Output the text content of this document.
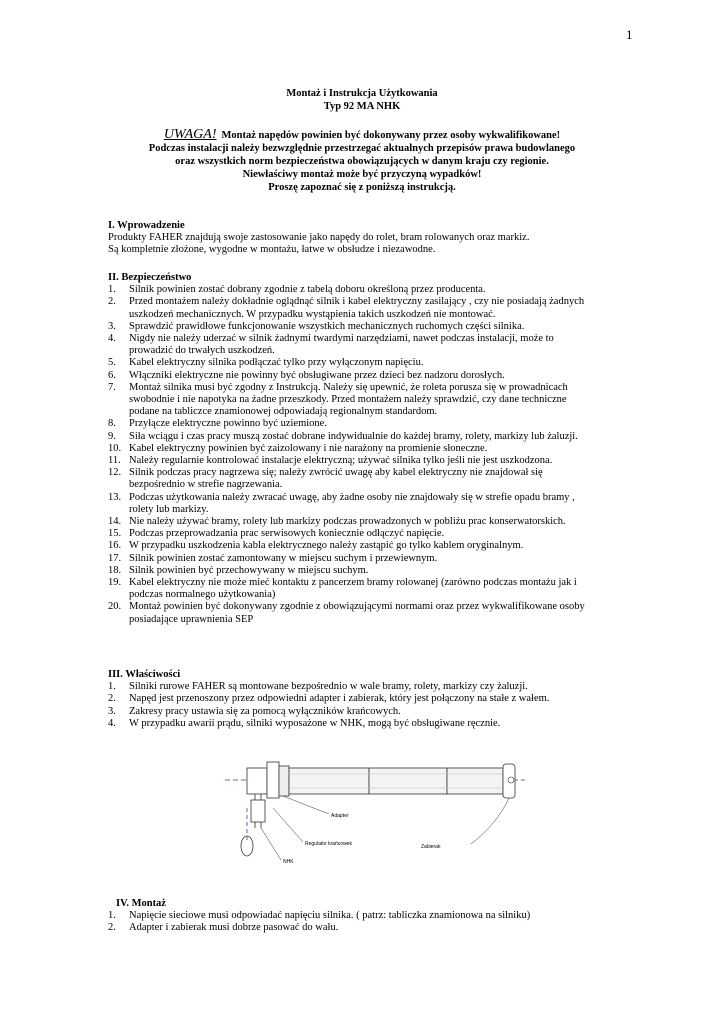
1
Montaż i Instrukcja Użytkowania
Typ 92 MA NHK
UWAGA! Montaż napędów powinien być dokonywany przez osoby wykwalifikowane!
Podczas instalacji należy bezwzględnie przestrzegać aktualnych przepisów prawa budowlanego
oraz wszystkich norm bezpieczeństwa obowiązujących w danym kraju czy regionie.
Niewłaściwy montaż może być przyczyną wypadków!
Proszę zapoznać się z poniższą instrukcją.
I. Wprowadzenie

Produkty FAHER znajdują swoje zastosowanie jako napędy do rolet, bram rolowanych oraz markiz.

Są kompletnie złożone, wygodne w montażu, łatwe w obsłudze i niezawodne.

II. Bezpieczeństwo
1. Silnik powinien zostać dobrany zgodnie z tabelą doboru określoną przez producenta.
2. Przed montażem należy dokładnie oglądnąć silnik i kabel elektryczny zasilający , czy nie posiadają żadnych
uszkodzeń mechanicznych. W przypadku wystąpienia takich uszkodzeń nie montować.
3. Sprawdzić prawidłowe funkcjonowanie wszystkich mechanicznych ruchomych części silnika.
4. Nigdy nie należy uderzać w silnik żadnymi twardymi narzędziami, nawet podczas instalacji, może to
prowadzić do trwałych uszkodzeń.
5. Kabel elektryczny silnika podłączać tylko przy wyłączonym napięciu.
6. Włączniki elektryczne nie powinny być obsługiwane przez dzieci bez nadzoru dorosłych.
7. Montaż silnika musi być zgodny z Instrukcją. Należy się upewnić, że roleta porusza się w prowadnicach
swobodnie i nie napotyka na żadne przeszkody. Przed montażem należy sprawdzić, czy dane techniczne
podane na tabliczce znamionowej odpowiadają regionalnym standardom.
8. Przyłącze elektryczne powinno być uziemione.
9. Siła wciągu i czas pracy muszą zostać dobrane indywidualnie do każdej bramy, rolety, markizy lub żaluzji.
10. Kabel elektryczny powinien być zaizolowany i nie narażony na promienie słoneczne.
11. Należy regularnie kontrolować instalacje elektryczną; używać silnika tylko jeśli nie jest uszkodzona.
12. Silnik podczas pracy nagrzewa się; należy zwrócić uwagę aby kabel elektryczny nie znajdował się
bezpośrednio w strefie nagrzewania.
13. Podczas użytkowania należy zwracać uwagę, aby żadne osoby nie znajdowały się w strefie opadu bramy ,
rolety lub markizy.
14. Nie należy używać bramy, rolety lub markizy podczas prowadzonych w pobliżu prac konserwatorskich.
15. Podczas przeprowadzania prac serwisowych koniecznie odłączyć napięcie.
16. W przypadku uszkodzenia kabla elektrycznego należy zastąpić go tylko kablem oryginalnym.
17. Silnik powinien zostać zamontowany w miejscu suchym i przewiewnym.
18. Silnik powinien być przechowywany w miejscu suchym.
19. Kabel elektryczny nie może mieć kontaktu z pancerzem bramy rolowanej (zarówno podczas montażu jak i
podczas normalnego użytkowania)
20. Montaż powinien być dokonywany zgodnie z obowiązującymi normami oraz przez wykwalifikowane osoby
posiadające uprawnienia SEP
III. Właściwości
1. Silniki rurowe FAHER są montowane bezpośrednio w wale bramy, rolety, markizy czy żaluzji.
2. Napęd jest przenoszony przez odpowiedni adapter i zabierak, który jest połączony na stałe z wałem.
3. Zakresy pracy ustawia się za pomocą wyłączników krańcowych.
4. W przypadku awarii prądu, silniki wyposażone w NHK, mogą być obsługiwane ręcznie.
Adapter
Regulator krańcowek
NHK
Zabierak
IV. Montaż
1. Napięcie sieciowe musi odpowiadać napięciu silnika. ( patrz: tabliczka znamionowa na silniku)
2. Adapter i zabierak musi dobrze pasować do wału.
